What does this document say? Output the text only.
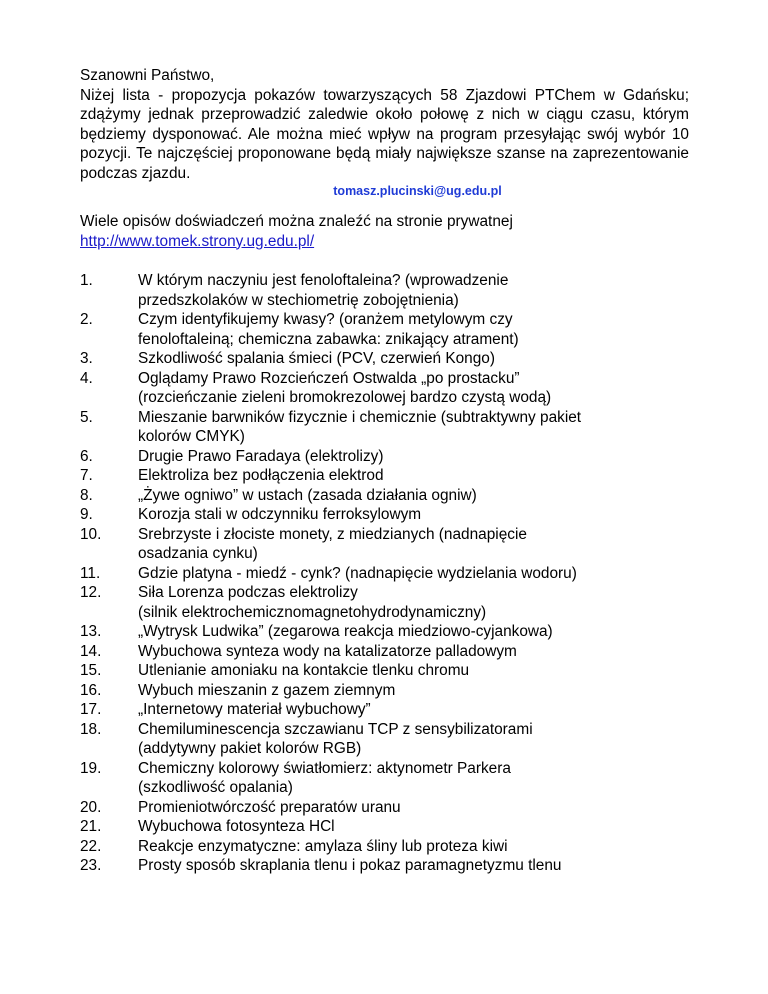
Szanowni Państwo,

Niżej lista - propozycja pokazów towarzyszących 58 Zjazdowi PTChem w Gdańsku; zdążymy jednak przeprowadzić zaledwie około połowę z nich w ciągu czasu, którym będziemy dysponować. Ale można mieć wpływ na program przesyłając swój wybór 10 pozycji. Te najczęściej proponowane będą miały największe szanse na zaprezentowanie podczas zjazdu.

tomasz.plucinski@ug.edu.pl

Wiele opisów doświadczeń można znaleźć na stronie prywatnej
http://www.tomek.strony.ug.edu.pl/

1.	W którym naczyniu jest fenoloftaleina? (wprowadzenie
przedszkolaków w stechiometrię zobojętnienia)
2.	Czym identyfikujemy kwasy? (oranżem metylowym czy
fenoloftaleiną; chemiczna zabawka: znikający atrament)
3.	Szkodliwość spalania śmieci (PCV, czerwień Kongo)
4.	Oglądamy Prawo Rozcieńczeń Ostwalda „po prostacku”
(rozcieńczanie zieleni bromokrezolowej bardzo czystą wodą)
5.	Mieszanie barwników fizycznie i chemicznie (subtraktywny pakiet
kolorów CMYK)
6.	Drugie Prawo Faradaya (elektrolizy)
7.	Elektroliza bez podłączenia elektrod
8.	„Żywe ogniwo” w ustach (zasada działania ogniw)
9.	Korozja stali w odczynniku ferroksylowym
10. Srebrzyste i złociste monety, z miedzianych (nadnapięcie
osadzania cynku)
11. Gdzie platyna - miedź - cynk? (nadnapięcie wydzielania wodoru)
12. Siła Lorenza podczas elektrolizy
(silnik elektrochemicznomagnetohydrodynamiczny)
13. „Wytrysk Ludwika” (zegarowa reakcja miedziowo-cyjankowa)
14. Wybuchowa synteza wody na katalizatorze palladowym
15. Utlenianie amoniaku na kontakcie tlenku chromu
16. Wybuch mieszanin z gazem ziemnym
17. „Internetowy materiał wybuchowy”
18. Chemiluminescencja szczawianu TCP z sensybilizatorami
(addytywny pakiet kolorów RGB)
19. Chemiczny kolorowy światłomierz: aktynometr Parkera
(szkodliwość opalania)
20. Promieniotwórczość preparatów uranu
21. Wybuchowa fotosynteza HCl
22. Reakcje enzymatyczne: amylaza śliny lub proteza kiwi
23. Prosty sposób skraplania tlenu i pokaz paramagnetyzmu tlenu
